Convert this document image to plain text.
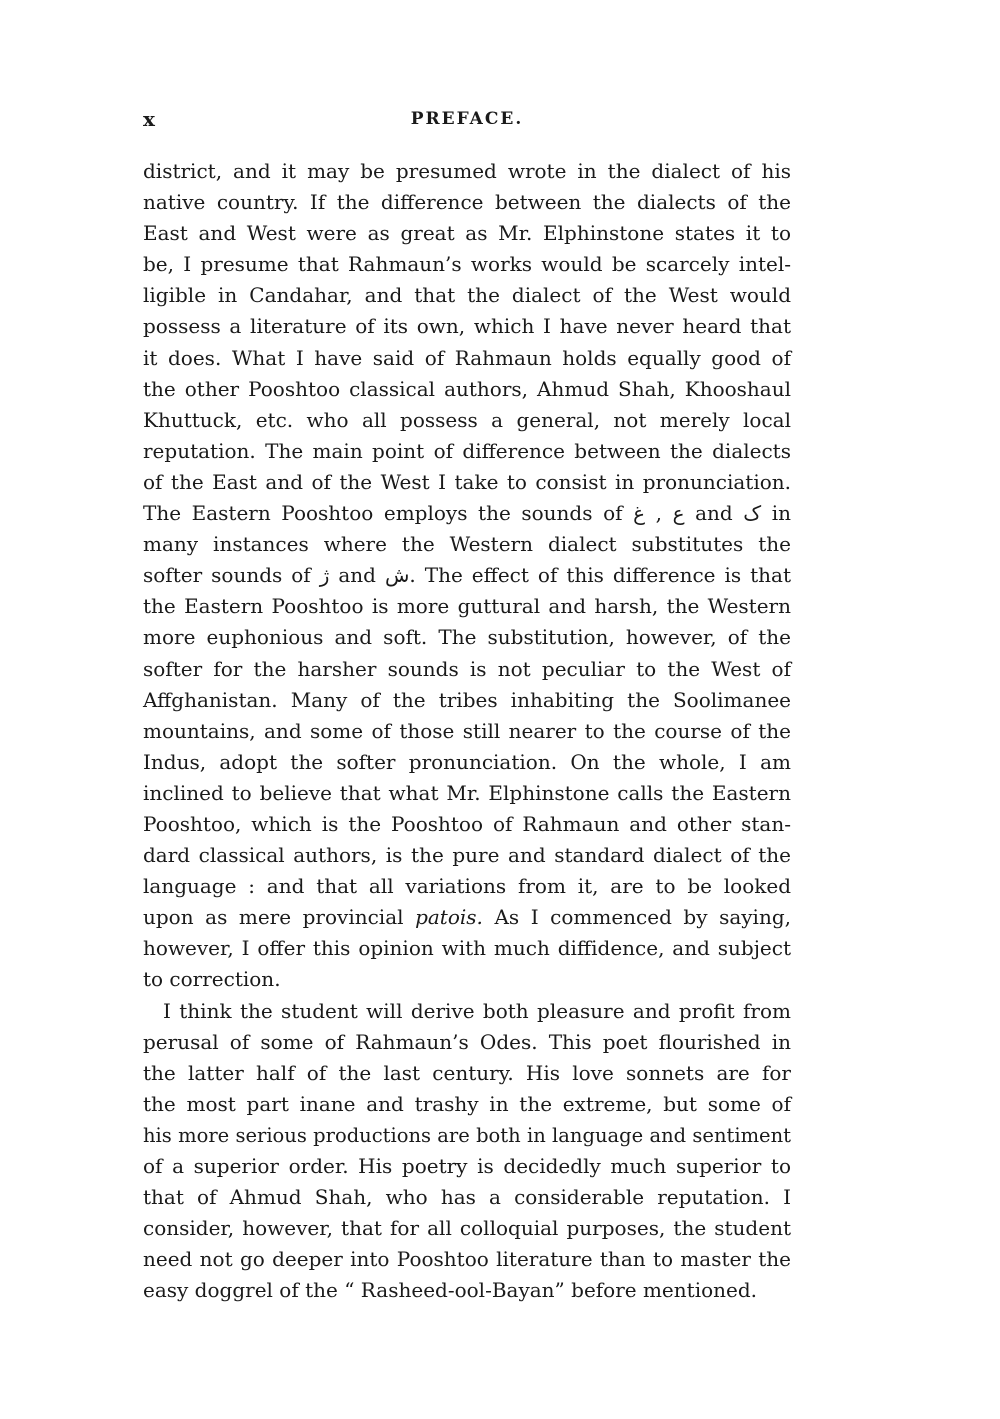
x	PREFACE.
district, and it may be presumed wrote in the dialect of his
native country. If the difference between the dialects of the
East and West were as great as Mr. Elphinstone states it to
be, I presume that Rahmaun’s works would be scarcely intel-
ligible in Candahar, and that the dialect of the West would
possess a literature of its own, which I have never heard that
it does. What I have said of Rahmaun holds equally good of
the other Pooshtoo classical authors, Ahmud Shah, Khooshaul
Khuttuck, etc. who all possess a general, not merely local
reputation. The main point of difference between the dialects
of the East and of the West I take to consist in pronunciation.
The Eastern Pooshtoo employs the sounds of	ع , غ	and ک in
many instances where the Western dialect substitutes the
softer sounds of ژ and ش. The effect of this difference is that
the Eastern Pooshtoo is more guttural and harsh, the Western
more euphonious and soft. The substitution, however, of the
softer for the harsher sounds is not peculiar to the West of
Affghanistan. Many of the tribes inhabiting the Soolimanee
mountains, and some of those still nearer to the course of the
Indus, adopt the softer pronunciation. On the whole, I am
inclined to believe that what Mr. Elphinstone calls the Eastern
Pooshtoo, which is the Pooshtoo of Rahmaun and other stan-
dard classical authors, is the pure and standard dialect of the
language : and that all variations from it, are to be looked
upon as mere provincial patois. As I commenced by saying,
however, I offer this opinion with much diffidence, and subject
to correction.
I think the student will derive both pleasure and profit from
perusal of some of Rahmaun’s Odes. This poet flourished in
the latter half of the last century. His love sonnets are for
the most part inane and trashy in the extreme, but some of
his more serious productions are both in language and sentiment
of a superior order. His poetry is decidedly much superior to
that of Ahmud Shah, who has a considerable reputation. I
consider, however, that for all colloquial purposes, the student
need not go deeper into Pooshtoo literature than to master the
easy doggrel of the “ Rasheed-ool-Bayan” before mentioned.
